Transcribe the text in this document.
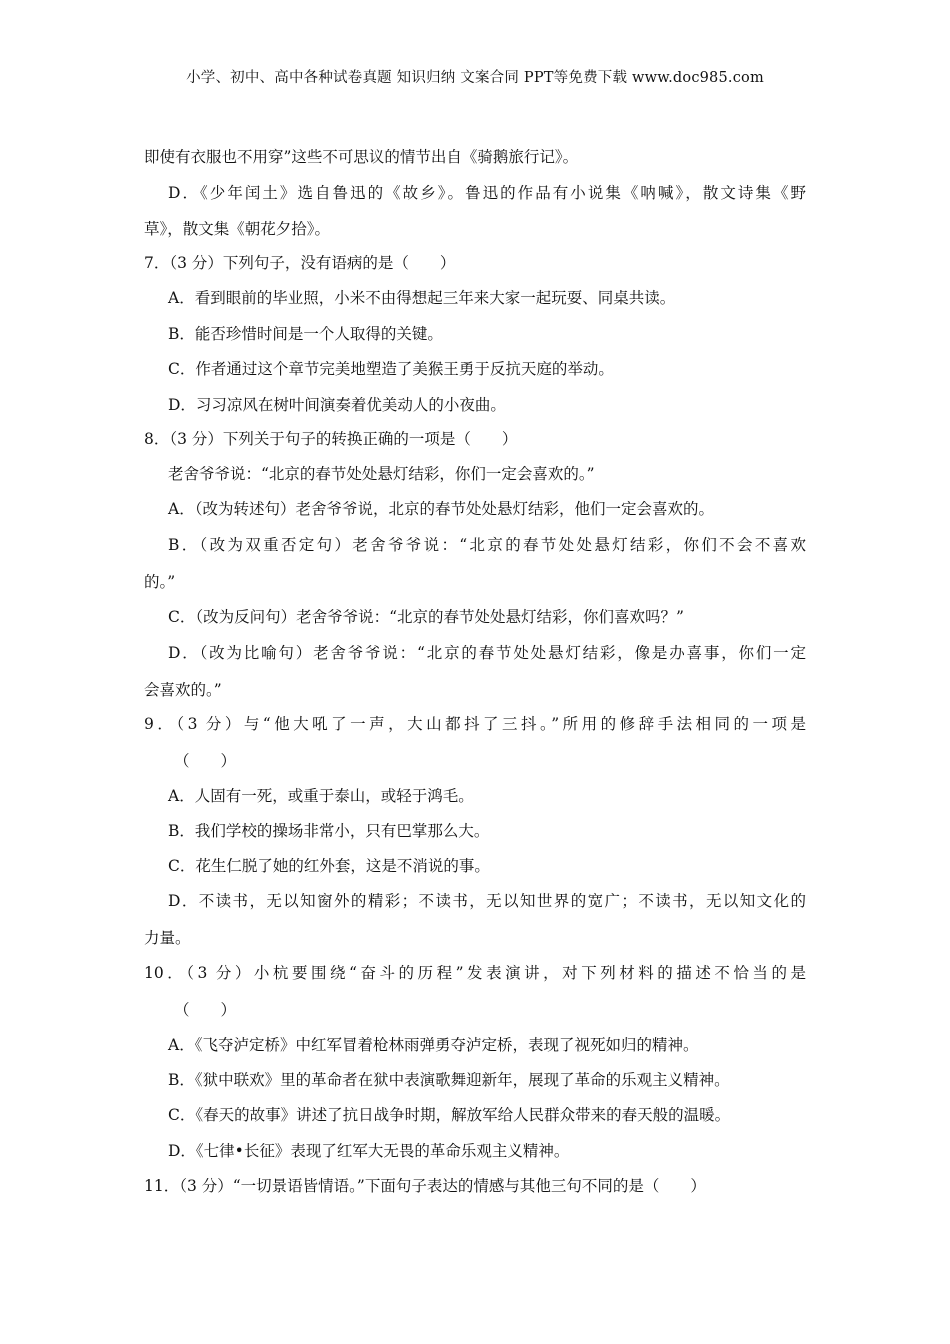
小学、初中、高中各种试卷真题 知识归纳 文案合同 PPT等免费下载 www.doc985.com
即使有衣服也不用穿”这些不可思议的情节出自《骑鹅旅行记》。
D．《少年闰土》选自鲁迅的《故乡》。鲁迅的作品有小说集《呐喊》，散文诗集《野
草》，散文集《朝花夕拾》。
7．（3 分）下列句子，没有语病的是（　　）
A．看到眼前的毕业照，小米不由得想起三年来大家一起玩耍、同桌共读。
B．能否珍惜时间是一个人取得的关键。
C．作者通过这个章节完美地塑造了美猴王勇于反抗天庭的举动。
D．习习凉风在树叶间演奏着优美动人的小夜曲。
8．（3 分）下列关于句子的转换正确的一项是（　　）
老舍爷爷说：“北京的春节处处悬灯结彩，你们一定会喜欢的。”
A．（改为转述句）老舍爷爷说，北京的春节处处悬灯结彩，他们一定会喜欢的。
B．（改为双重否定句）老舍爷爷说：“北京的春节处处悬灯结彩，你们不会不喜欢
的。”
C．（改为反问句）老舍爷爷说：“北京的春节处处悬灯结彩，你们喜欢吗？”
D．（改为比喻句）老舍爷爷说：“北京的春节处处悬灯结彩，像是办喜事，你们一定
会喜欢的。”
9．（3 分）与“他大吼了一声，大山都抖了三抖。”所用的修辞手法相同的一项是
（　　）
A．人固有一死，或重于泰山，或轻于鸿毛。
B．我们学校的操场非常小，只有巴掌那么大。
C．花生仁脱了她的红外套，这是不消说的事。
D．不读书，无以知窗外的精彩；不读书，无以知世界的宽广；不读书，无以知文化的
力量。
10．（3 分）小杭要围绕“奋斗的历程”发表演讲，对下列材料的描述不恰当的是
（　　）
A．《飞夺泸定桥》中红军冒着枪林雨弹勇夺泸定桥，表现了视死如归的精神。
B．《狱中联欢》里的革命者在狱中表演歌舞迎新年，展现了革命的乐观主义精神。
C．《春天的故事》讲述了抗日战争时期，解放军给人民群众带来的春天般的温暖。
D．《七律•长征》表现了红军大无畏的革命乐观主义精神。
11．（3 分）“一切景语皆情语。”下面句子表达的情感与其他三句不同的是（　　）
